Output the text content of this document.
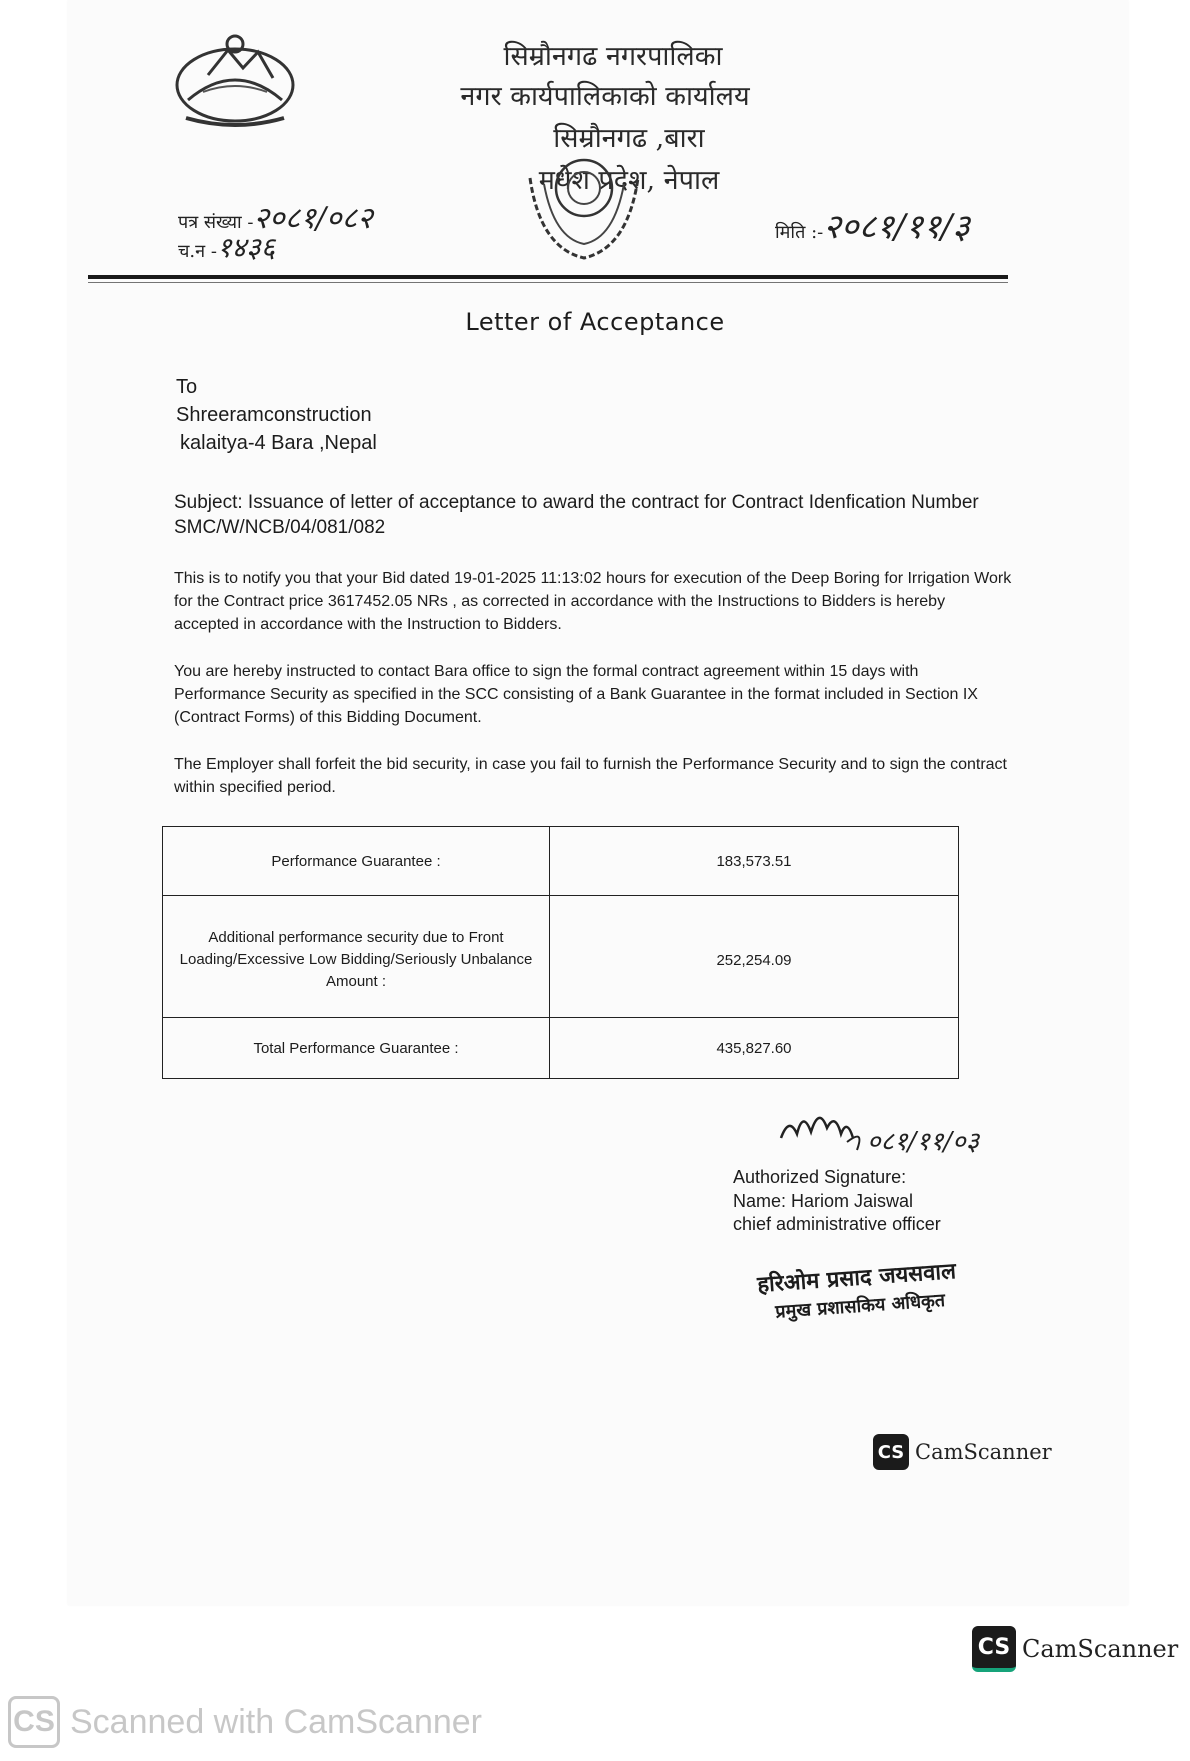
सिम्रौनगढ नगरपालिका
नगर कार्यपालिकाको कार्यालय
सिम्रौनगढ ,बारा
मधेश प्रदेश, नेपाल
पत्र संख्या -२०८१/०८२
च.न -१४३६	मिति :-२०८१/११/३
Letter of Acceptance
To
Shreeramconstruction
kalaitya-4 Bara ,Nepal
Subject: Issuance of letter of acceptance to award the contract for Contract Idenfication Number SMC/W/NCB/04/081/082
This is to notify you that your Bid dated 19-01-2025 11:13:02 hours for execution of the Deep Boring for Irrigation Work for the Contract price 3617452.05 NRs , as corrected in accordance with the Instructions to Bidders is hereby accepted in accordance with the Instruction to Bidders.
You are hereby instructed to contact Bara office to sign the formal contract agreement within 15 days with Performance Security as specified in the SCC consisting of a Bank Guarantee in the format included in Section IX (Contract Forms) of this Bidding Document.
The Employer shall forfeit the bid security, in case you fail to furnish the Performance Security and to sign the contract within specified period.
Performance Guarantee :	183,573.51
Additional performance security due to Front Loading/Excessive Low Bidding/Seriously Unbalance Amount :	252,254.09
Total Performance Guarantee :	435,827.60
०८१/११/०३
Authorized Signature:
Name: Hariom Jaiswal
chief administrative officer
हरिओम प्रसाद जयसवाल
प्रमुख प्रशासकिय अधिकृत
CS CamScanner
CS CamScanner
CS Scanned with CamScanner
